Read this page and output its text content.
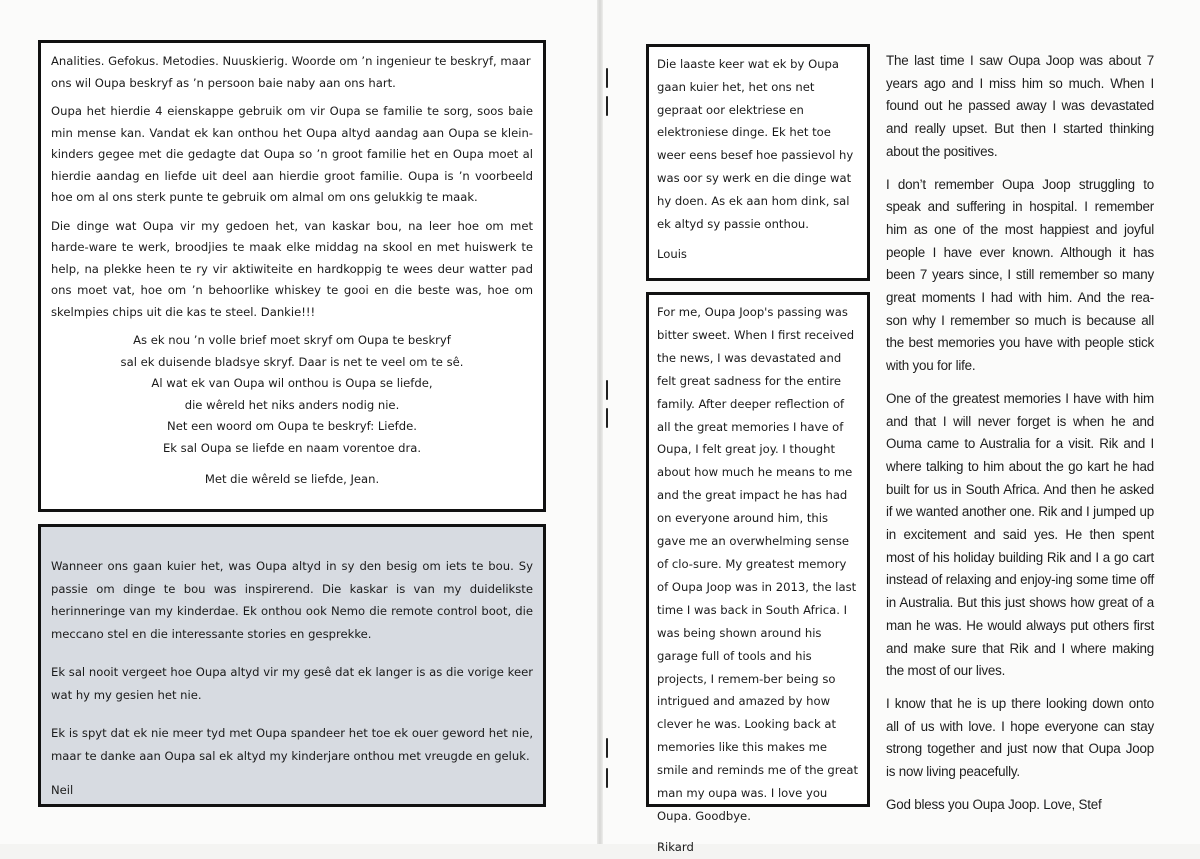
Analities. Gefokus. Metodies. Nuuskierig. Woorde om ’n ingenieur te beskryf, maar ons wil Oupa beskryf as ’n persoon baie naby aan ons hart.

Oupa het hierdie 4 eienskappe gebruik om vir Oupa se familie te sorg, soos baie min mense kan. Vandat ek kan onthou het Oupa altyd aandag aan Oupa se klein-kinders gegee met die gedagte dat Oupa so ’n groot familie het en Oupa moet al hierdie aandag en liefde uit deel aan hierdie groot familie. Oupa is ’n voorbeeld hoe om al ons sterk punte te gebruik om almal om ons gelukkig te maak.

Die dinge wat Oupa vir my gedoen het, van kaskar bou, na leer hoe om met harde-ware te werk, broodjies te maak elke middag na skool en met huiswerk te help, na plekke heen te ry vir aktiwiteite en hardkoppig te wees deur watter pad ons moet vat, hoe om ’n behoorlike whiskey te gooi en die beste was, hoe om skelmpies chips uit die kas te steel. Dankie!!!

As ek nou ’n volle brief moet skryf om Oupa te beskryf

sal ek duisende bladsye skryf. Daar is net te veel om te sê.

Al wat ek van Oupa wil onthou is Oupa se liefde,

die wêreld het niks anders nodig nie.

Net een woord om Oupa te beskryf: Liefde.

Ek sal Oupa se liefde en naam vorentoe dra.

Met die wêreld se liefde, Jean.

Wanneer ons gaan kuier het, was Oupa altyd in sy den besig om iets te bou. Sy passie om dinge te bou was inspirerend. Die kaskar is van my duidelikste herinneringe van my kinderdae. Ek onthou ook Nemo die remote control boot, die meccano stel en die interessante stories en gesprekke.

Ek sal nooit vergeet hoe Oupa altyd vir my gesê dat ek langer is as die vorige keer wat hy my gesien het nie.

Ek is spyt dat ek nie meer tyd met Oupa spandeer het toe ek ouer geword het nie, maar te danke aan Oupa sal ek altyd my kinderjare onthou met vreugde en geluk.

Neil

Die laaste keer wat ek by Oupa gaan kuier het, het ons net gepraat oor elektriese en elektroniese dinge. Ek het toe weer eens besef hoe passievol hy was oor sy werk en die dinge wat hy doen. As ek aan hom dink, sal ek altyd sy passie onthou.

Louis

For me, Oupa Joop's passing was bitter sweet. When I first received the news, I was devastated and felt great sadness for the entire family. After deeper reflection of all the great memories I have of Oupa, I felt great joy. I thought about how much he means to me and the great impact he has had on everyone around him, this gave me an overwhelming sense of clo-sure. My greatest memory of Oupa Joop was in 2013, the last time I was back in South Africa. I was being shown around his garage full of tools and his projects, I remem-ber being so intrigued and amazed by how clever he was. Looking back at memories like this makes me smile and reminds me of the great man my oupa was. I love you Oupa. Goodbye.

Rikard

The last time I saw Oupa Joop was about 7 years ago and I miss him so much. When I found out he passed away I was devastated and really upset. But then I started thinking about the positives.

I don’t remember Oupa Joop struggling to speak and suffering in hospital. I remember him as one of the most happiest and joyful people I have ever known. Although it has been 7 years since, I still remember so many great moments I had with him. And the rea-son why I remember so much is because all the best memories you have with people stick with you for life.

One of the greatest memories I have with him and that I will never forget is when he and Ouma came to Australia for a visit. Rik and I where talking to him about the go kart he had built for us in South Africa. And then he asked if we wanted another one. Rik and I jumped up in excitement and said yes. He then spent most of his holiday building Rik and I a go cart instead of relaxing and enjoy-ing some time off in Australia. But this just shows how great of a man he was. He would always put others first and make sure that Rik and I where making the most of our lives.

I know that he is up there looking down onto all of us with love. I hope everyone can stay strong together and just now that Oupa Joop is now living peacefully.

God bless you Oupa Joop. Love, Stef
